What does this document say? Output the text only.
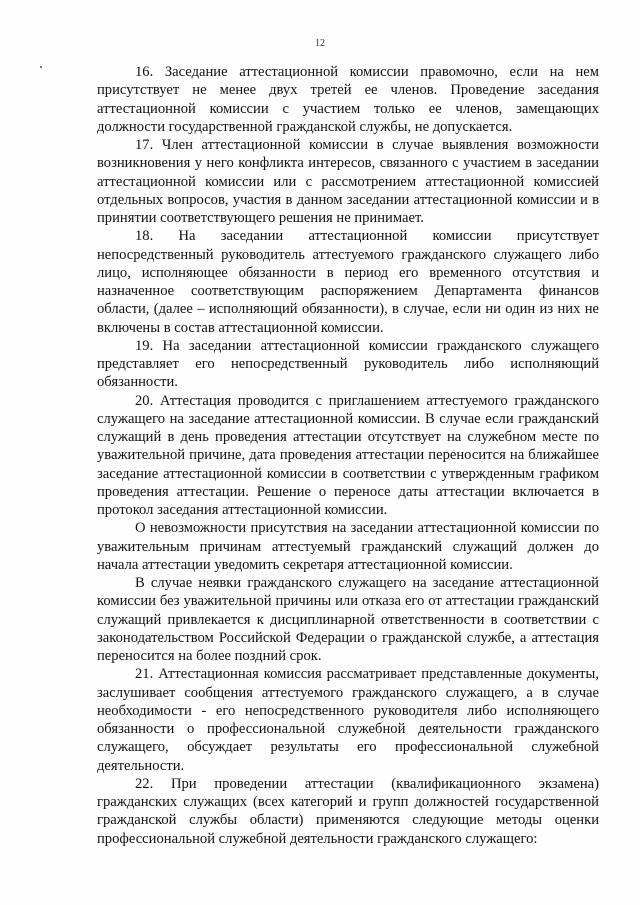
12

16. Заседание аттестационной комиссии правомочно, если на нем присутствует не менее двух третей ее членов. Проведение заседания аттестационной комиссии с участием только ее членов, замещающих должности государственной гражданской службы, не допускается.

17. Член аттестационной комиссии в случае выявления возможности возникновения у него конфликта интересов, связанного с участием в заседании аттестационной комиссии или с рассмотрением аттестационной комиссией отдельных вопросов, участия в данном заседании аттестационной комиссии и в принятии соответствующего решения не принимает.

18. На заседании аттестационной комиссии присутствует непосредственный руководитель аттестуемого гражданского служащего либо лицо, исполняющее обязанности в период его временного отсутствия и назначенное соответствующим распоряжением Департамента финансов области, (далее – исполняющий обязанности), в случае, если ни один из них не включены в состав аттестационной комиссии.

19. На заседании аттестационной комиссии гражданского служащего представляет его непосредственный руководитель либо исполняющий обязанности.

20. Аттестация проводится с приглашением аттестуемого гражданского служащего на заседание аттестационной комиссии. В случае если гражданский служащий в день проведения аттестации отсутствует на служебном месте по уважительной причине, дата проведения аттестации переносится на ближайшее заседание аттестационной комиссии в соответствии с утвержденным графиком проведения аттестации. Решение о переносе даты аттестации включается в протокол заседания аттестационной комиссии.

О невозможности присутствия на заседании аттестационной комиссии по уважительным причинам аттестуемый гражданский служащий должен до начала аттестации уведомить секретаря аттестационной комиссии.

В случае неявки гражданского служащего на заседание аттестационной комиссии без уважительной причины или отказа его от аттестации гражданский служащий привлекается к дисциплинарной ответственности в соответствии с законодательством Российской Федерации о гражданской службе, а аттестация переносится на более поздний срок.

21. Аттестационная комиссия рассматривает представленные документы, заслушивает сообщения аттестуемого гражданского служащего, а в случае необходимости - его непосредственного руководителя либо исполняющего обязанности о профессиональной служебной деятельности гражданского служащего, обсуждает результаты его профессиональной служебной деятельности.

22. При проведении аттестации (квалификационного экзамена) гражданских служащих (всех категорий и групп должностей государственной гражданской службы области) применяются следующие методы оценки профессиональной служебной деятельности гражданского служащего:
